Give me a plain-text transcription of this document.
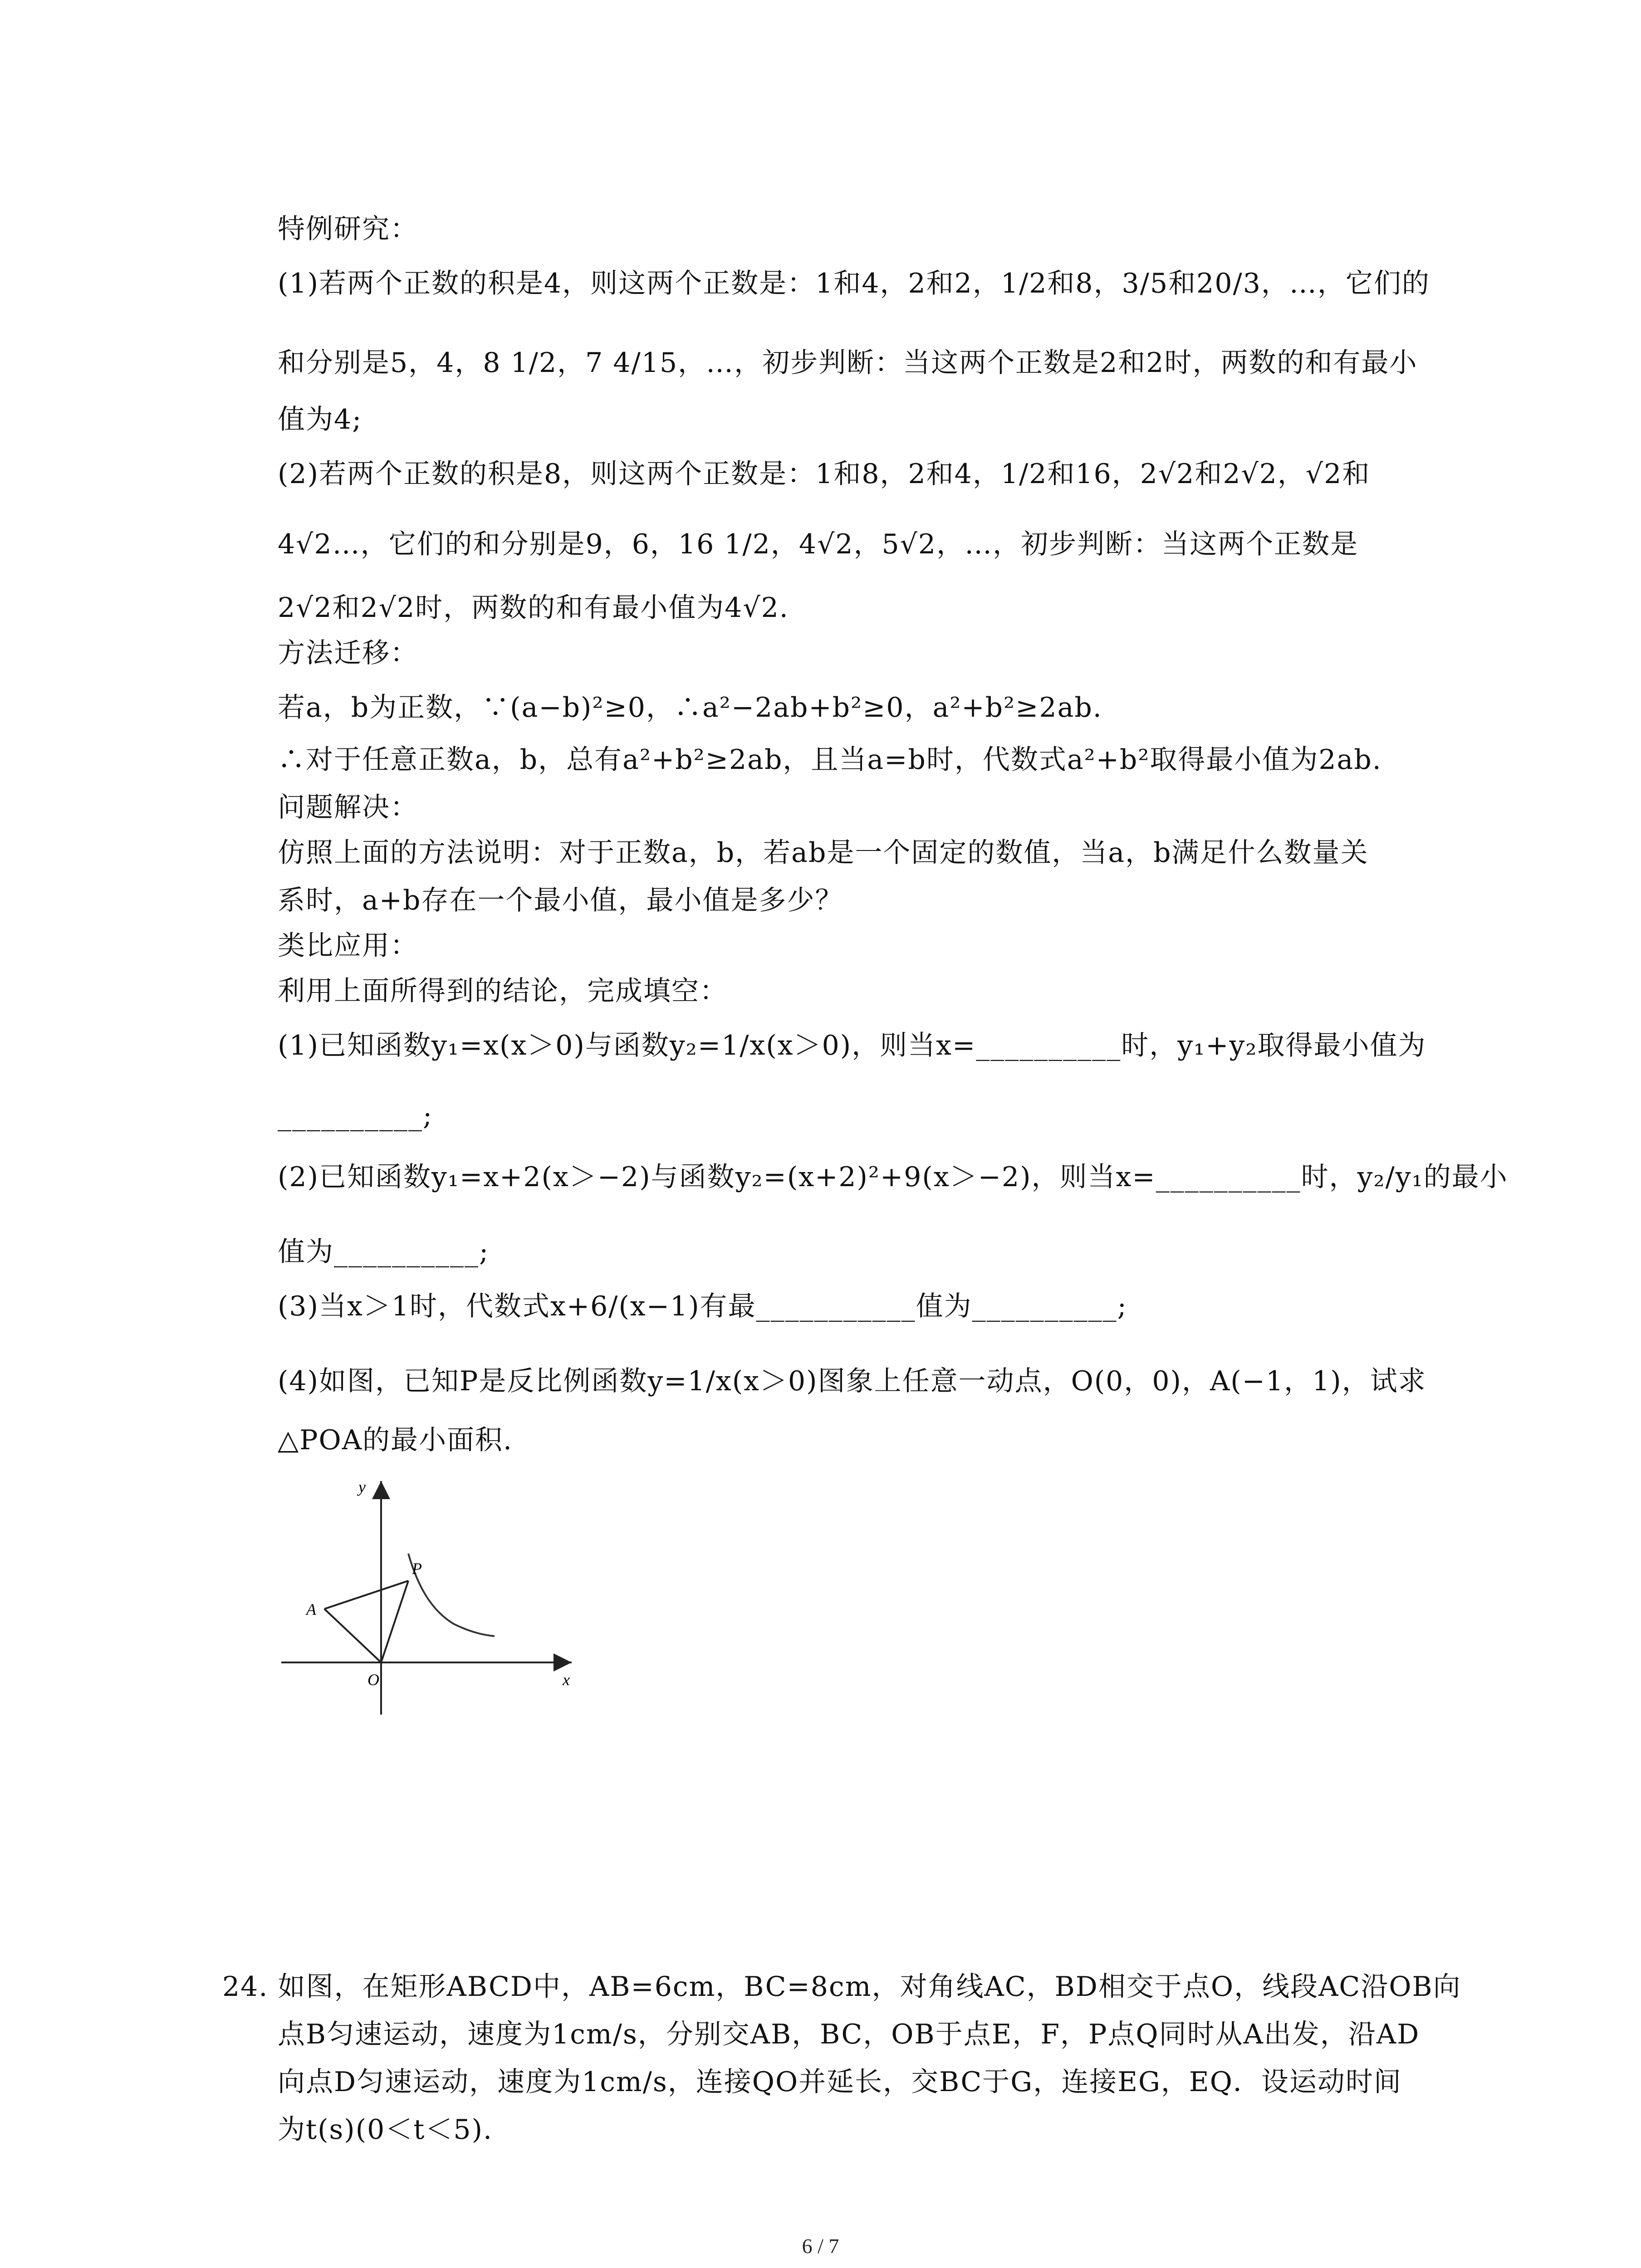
特例研究：
(1)若两个正数的积是4，则这两个正数是：1和4，2和2，1/2和8，3/5和20/3，…，它们的
和分别是5，4，8 1/2，7 4/15，…，初步判断：当这两个正数是2和2时，两数的和有最小
值为4;
(2)若两个正数的积是8，则这两个正数是：1和8，2和4，1/2和16，2√2和2√2，√2和
4√2…，它们的和分别是9，6，16 1/2，4√2，5√2，…，初步判断：当这两个正数是
2√2和2√2时，两数的和有最小值为4√2.
方法迁移：
若a，b为正数，∵(a−b)²≥0，∴a²−2ab+b²≥0，a²+b²≥2ab.
∴对于任意正数a，b，总有a²+b²≥2ab，且当a=b时，代数式a²+b²取得最小值为2ab.
问题解决：
仿照上面的方法说明：对于正数a，b，若ab是一个固定的数值，当a，b满足什么数量关
系时，a+b存在一个最小值，最小值是多少？
类比应用：
利用上面所得到的结论，完成填空：
(1)已知函数y₁=x(x＞0)与函数y₂=1/x(x＞0)，则当x=__________时，y₁+y₂取得最小值为
__________;
(2)已知函数y₁=x+2(x＞−2)与函数y₂=(x+2)²+9(x＞−2)，则当x=__________时，y₂/y₁的最小
值为__________;
(3)当x＞1时，代数式x+6/(x−1)有最___________值为__________;
(4)如图，已知P是反比例函数y=1/x(x＞0)图象上任意一动点，O(0，0)，A(−1，1)，试求
△POA的最小面积.
y
x
O
A
P
24. 如图，在矩形ABCD中，AB=6cm，BC=8cm，对角线AC，BD相交于点O，线段AC沿OB向
点B匀速运动，速度为1cm/s，分别交AB，BC，OB于点E，F，P点Q同时从A出发，沿AD
向点D匀速运动，速度为1cm/s，连接QO并延长，交BC于G，连接EG，EQ．设运动时间
为t(s)(0＜t＜5).
6 / 7
